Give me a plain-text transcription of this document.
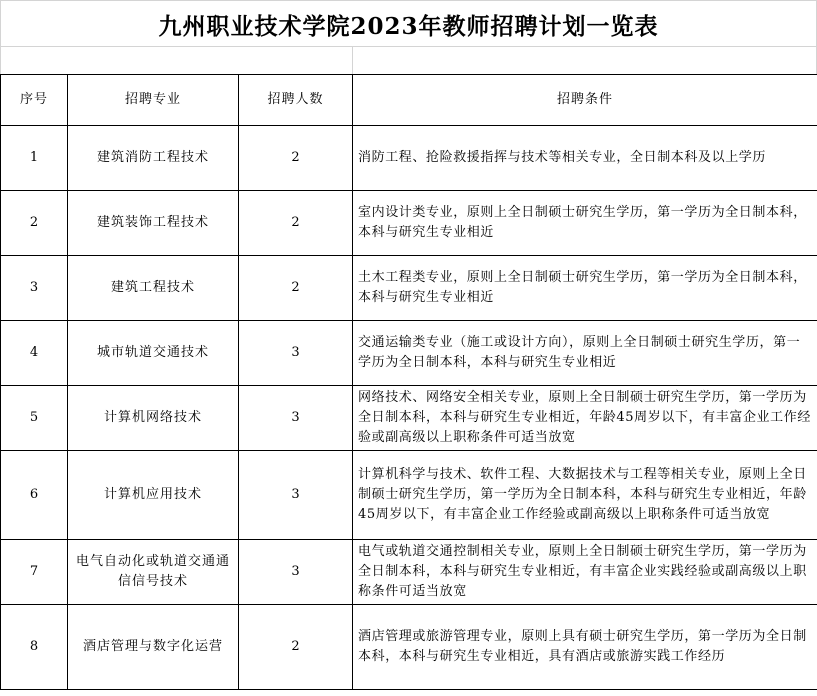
九州职业技术学院2023年教师招聘计划一览表
序号	招聘专业	招聘人数	招聘条件
1	建筑消防工程技术	2	消防工程、抢险救援指挥与技术等相关专业，全日制本科及以上学历
2	建筑装饰工程技术	2	室内设计类专业，原则上全日制硕士研究生学历，第一学历为全日制本科，本科与研究生专业相近
3	建筑工程技术	2	土木工程类专业，原则上全日制硕士研究生学历，第一学历为全日制本科，本科与研究生专业相近
4	城市轨道交通技术	3	交通运输类专业（施工或设计方向），原则上全日制硕士研究生学历，第一学历为全日制本科，本科与研究生专业相近
5	计算机网络技术	3	网络技术、网络安全相关专业，原则上全日制硕士研究生学历，第一学历为全日制本科，本科与研究生专业相近，年龄45周岁以下，有丰富企业工作经验或副高级以上职称条件可适当放宽
6	计算机应用技术	3	计算机科学与技术、软件工程、大数据技术与工程等相关专业，原则上全日制硕士研究生学历，第一学历为全日制本科，本科与研究生专业相近，年龄45周岁以下，有丰富企业工作经验或副高级以上职称条件可适当放宽
7	电气自动化或轨道交通通信信号技术	3	电气或轨道交通控制相关专业，原则上全日制硕士研究生学历，第一学历为全日制本科，本科与研究生专业相近，有丰富企业实践经验或副高级以上职称条件可适当放宽
8	酒店管理与数字化运营	2	酒店管理或旅游管理专业，原则上具有硕士研究生学历，第一学历为全日制本科，本科与研究生专业相近，具有酒店或旅游实践工作经历
